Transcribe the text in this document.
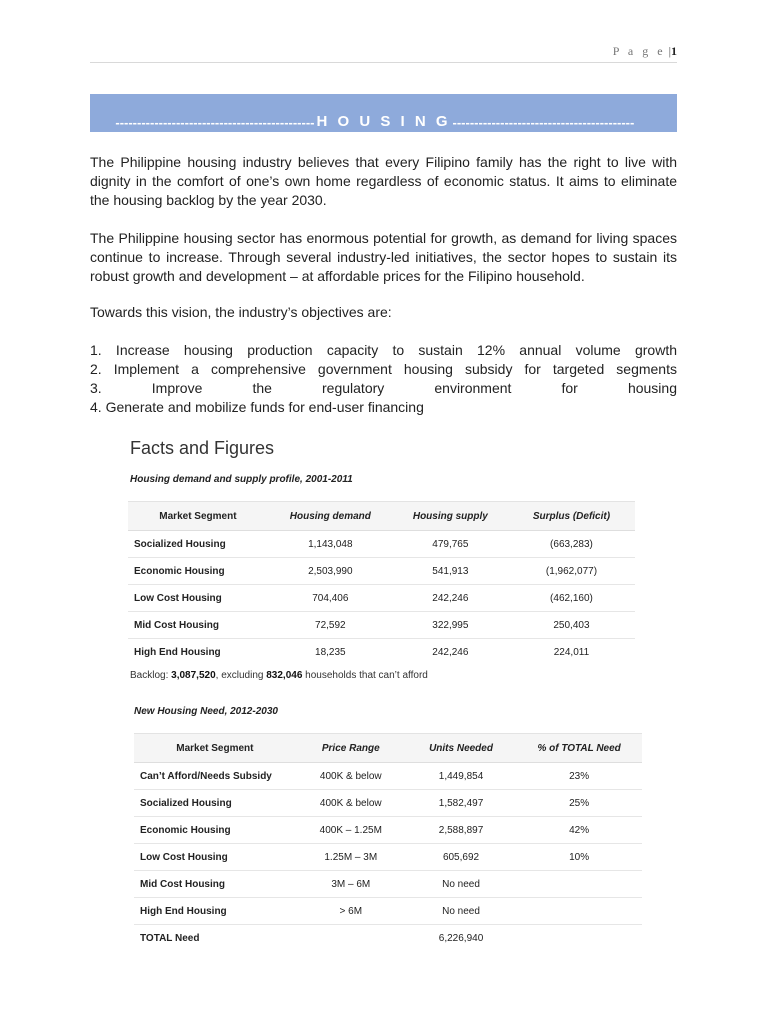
P a g e |1
---------------------------------------------- H O U S I N G ------------------------------------------

The Philippine housing industry believes that every Filipino family has the right to live with dignity in the comfort of one’s own home regardless of economic status. It aims to eliminate the housing backlog by the year 2030.

The Philippine housing sector has enormous potential for growth, as demand for living spaces continue to increase. Through several industry-led initiatives, the sector hopes to sustain its robust growth and development – at affordable prices for the Filipino household.

Towards this vision, the industry’s objectives are:

1. Increase housing production capacity to sustain 12% annual volume growth
2. Implement a comprehensive government housing subsidy for targeted segments
3. Improve the regulatory environment for housing
4. Generate and mobilize funds for end-user financing
Facts and Figures
Housing demand and supply profile, 2001-2011
Market Segment	Housing demand	Housing supply	Surplus (Deficit)
Socialized Housing	1,143,048	479,765	(663,283)
Economic Housing	2,503,990	541,913	(1,962,077)
Low Cost Housing	704,406	242,246	(462,160)
Mid Cost Housing	72,592	322,995	250,403
High End Housing	18,235	242,246	224,011
Backlog: 3,087,520, excluding 832,046 households that can’t afford
New Housing Need, 2012-2030
Market Segment	Price Range	Units Needed	% of TOTAL Need
Can’t Afford/Needs Subsidy	400K & below	1,449,854	23%
Socialized Housing	400K & below	1,582,497	25%
Economic Housing	400K – 1.25M	2,588,897	42%
Low Cost Housing	1.25M – 3M	605,692	10%
Mid Cost Housing	3M – 6M	No need	
High End Housing	> 6M	No need	
TOTAL Need		6,226,940	
